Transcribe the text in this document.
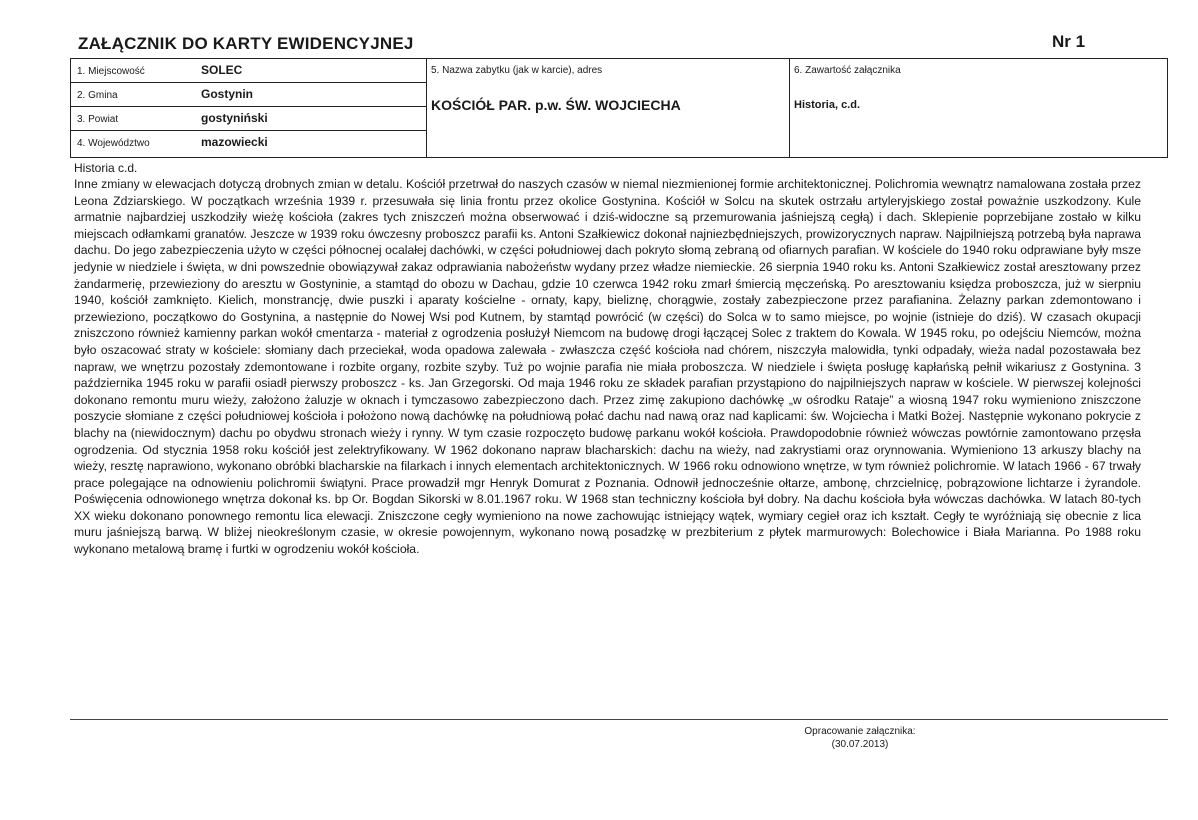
ZAŁĄCZNIK DO KARTY EWIDENCYJNEJ	Nr 1
1. Miejscowość	SOLEC
2. Gmina	Gostynin
3. Powiat	gostyniński
4. Województwo	mazowiecki
5. Nazwa zabytku (jak w karcie), adres
KOŚCIÓŁ PAR. p.w. ŚW. WOJCIECHA
6. Zawartość załącznika
Historia, c.d.
Historia c.d.
Inne zmiany w elewacjach dotyczą drobnych zmian w detalu. Kościół przetrwał do naszych czasów w niemal niezmienionej formie architektonicznej. Polichromia wewnątrz namalowana została przez Leona Zdziarskiego. W początkach września 1939 r. przesuwała się linia frontu przez okolice Gostynina. Kościół w Solcu na skutek ostrzału artyleryjskiego został poważnie uszkodzony. Kule armatnie najbardziej uszkodziły wieżę kościoła (zakres tych zniszczeń można obserwować i dziś-widoczne są przemurowania jaśniejszą cegłą) i dach. Sklepienie poprzebijane zostało w kilku miejscach odłamkami granatów. Jeszcze w 1939 roku ówczesny proboszcz parafii ks. Antoni Szałkiewicz dokonał najniezbędniejszych, prowizorycznych napraw. Najpilniejszą potrzebą była naprawa dachu. Do jego zabezpieczenia użyto w części północnej ocalałej dachówki, w części południowej dach pokryto słomą zebraną od ofiarnych parafian. W kościele do 1940 roku odprawiane były msze jedynie w niedziele i święta, w dni powszednie obowiązywał zakaz odprawiania nabożeństw wydany przez władze niemieckie. 26 sierpnia 1940 roku ks. Antoni Szałkiewicz został aresztowany przez żandarmerię, przewieziony do aresztu w Gostyninie, a stamtąd do obozu w Dachau, gdzie 10 czerwca 1942 roku zmarł śmiercią męczeńską. Po aresztowaniu księdza proboszcza, już w sierpniu 1940, kościół zamknięto. Kielich, monstrancję, dwie puszki i aparaty kościelne - ornaty, kapy, bieliznę, chorągwie, zostały zabezpieczone przez parafianina. Żelazny parkan zdemontowano i przewieziono, początkowo do Gostynina, a następnie do Nowej Wsi pod Kutnem, by stamtąd powrócić (w części) do Solca w to samo miejsce, po wojnie (istnieje do dziś). W czasach okupacji zniszczono również kamienny parkan wokół cmentarza - materiał z ogrodzenia posłużył Niemcom na budowę drogi łączącej Solec z traktem do Kowala. W 1945 roku, po odejściu Niemców, można było oszacować straty w kościele: słomiany dach przeciekał, woda opadowa zalewała - zwłaszcza część kościoła nad chórem, niszczyła malowidła, tynki odpadały, wieża nadal pozostawała bez napraw, we wnętrzu pozostały zdemontowane i rozbite organy, rozbite szyby. Tuż po wojnie parafia nie miała proboszcza. W niedziele i święta posługę kapłańską pełnił wikariusz z Gostynina. 3 października 1945 roku w parafii osiadł pierwszy proboszcz - ks. Jan Grzegorski. Od maja 1946 roku ze składek parafian przystąpiono do najpilniejszych napraw w kościele. W pierwszej kolejności dokonano remontu muru wieży, założono żaluzje w oknach i tymczasowo zabezpieczono dach. Przez zimę zakupiono dachówkę „w ośrodku Rataje” a wiosną 1947 roku wymieniono zniszczone poszycie słomiane z części południowej kościoła i położono nową dachówkę na południową połać dachu nad nawą oraz nad kaplicami: św. Wojciecha i Matki Bożej. Następnie wykonano pokrycie z blachy na (niewidocznym) dachu po obydwu stronach wieży i rynny. W tym czasie rozpoczęto budowę parkanu wokół kościoła. Prawdopodobnie również wówczas powtórnie zamontowano przęsła ogrodzenia. Od stycznia 1958 roku kościół jest zelektryfikowany. W 1962 dokonano napraw blacharskich: dachu na wieży, nad zakrystiami oraz orynnowania. Wymieniono 13 arkuszy blachy na wieży, resztę naprawiono, wykonano obróbki blacharskie na filarkach i innych elementach architektonicznych. W 1966 roku odnowiono wnętrze, w tym również polichromie. W latach 1966 - 67 trwały prace polegające na odnowieniu polichromii świątyni. Prace prowadził mgr Henryk Domurat z Poznania. Odnowił jednocześnie ołtarze, ambonę, chrzcielnicę, pobrązowione lichtarze i żyrandole. Poświęcenia odnowionego wnętrza dokonał ks. bp Or. Bogdan Sikorski w 8.01.1967 roku. W 1968 stan techniczny kościoła był dobry. Na dachu kościoła była wówczas dachówka. W latach 80-tych XX wieku dokonano ponownego remontu lica elewacji. Zniszczone cegły wymieniono na nowe zachowując istniejący wątek, wymiary cegieł oraz ich kształt. Cegły te wyróżniają się obecnie z lica muru jaśniejszą barwą. W bliżej nieokreślonym czasie, w okresie powojennym, wykonano nową posadzkę w prezbiterium z płytek marmurowych: Bolechowice i Biała Marianna. Po 1988 roku wykonano metalową bramę i furtki w ogrodzeniu wokół kościoła.
Opracowanie załącznika:
(30.07.2013)
